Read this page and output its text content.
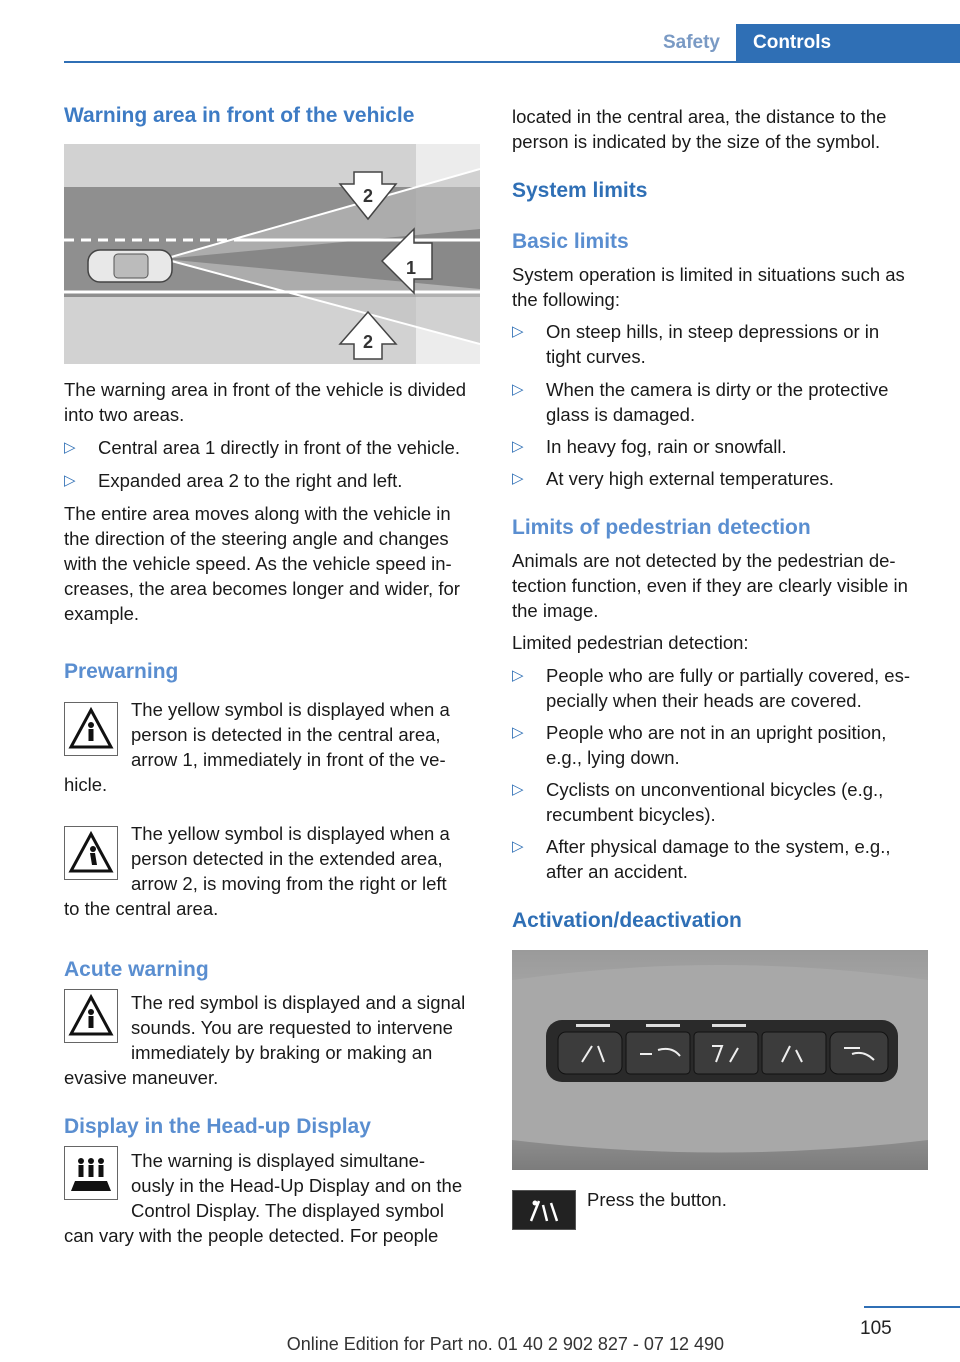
Safety	Controls
Warning area in front of the vehicle
2
1
2

The warning area in front of the vehicle is divided

into two areas.

▷ Central area 1 directly in front of the vehicle.
▷ Expanded area 2 to the right and left.

The entire area moves along with the vehicle in

the direction of the steering angle and changes

with the vehicle speed. As the vehicle speed in-

creases, the area becomes longer and wider, for

example.

Prewarning

The yellow symbol is displayed when a

person is detected in the central area,

arrow 1, immediately in front of the ve-

hicle.

The yellow symbol is displayed when a

person detected in the extended area,

arrow 2, is moving from the right or left

to the central area.

Acute warning

The red symbol is displayed and a signal

sounds. You are requested to intervene

immediately by braking or making an

evasive maneuver.

Display in the Head-up Display

The warning is displayed simultane-

ously in the Head-Up Display and on the

Control Display. The displayed symbol

can vary with the people detected. For people

located in the central area, the distance to the

person is indicated by the size of the symbol.

System limits
Basic limits

System operation is limited in situations such as

the following:

▷ On steep hills, in steep depressions or in
tight curves.
▷ When the camera is dirty or the protective
glass is damaged.
▷ In heavy fog, rain or snowfall.
▷ At very high external temperatures.
Limits of pedestrian detection

Animals are not detected by the pedestrian de-

tection function, even if they are clearly visible in

the image.

Limited pedestrian detection:

▷ People who are fully or partially covered, es-
pecially when their heads are covered.
▷ People who are not in an upright position,
e.g., lying down.
▷ Cyclists on unconventional bicycles (e.g.,
recumbent bicycles).
▷ After physical damage to the system, e.g.,
after an accident.
Activation/deactivation

Press the button.

105
Online Edition for Part no. 01 40 2 902 827 - 07 12 490
